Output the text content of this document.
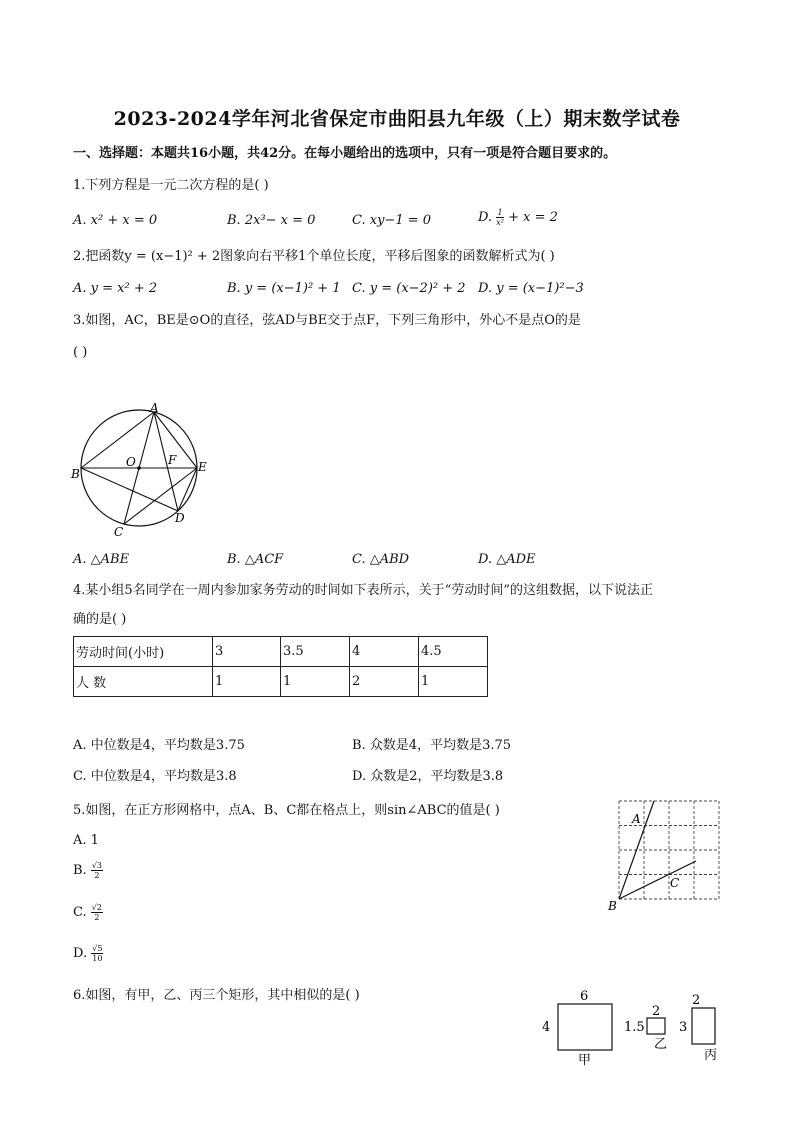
2023-2024学年河北省保定市曲阳县九年级（上）期末数学试卷
一、选择题：本题共16小题，共42分。在每小题给出的选项中，只有一项是符合题目要求的。
1.下列方程是一元二次方程的是( )
A. x² + x = 0	B. 2x³− x = 0	C. xy−1 = 0	D. $\frac{1}{\text{x²}} + x = 2$
2.把函数y = (x−1)² + 2图象向右平移1个单位长度，平移后图象的函数解析式为( )
A. y = x² + 2	B. y = (x−1)² + 1 C. y = (x−2)² + 2 D. y = (x−1)²−3
3.如图，AC，BE是⊙O的直径，弦AD与BE交于点F，下列三角形中，外心不是点O的是
( )
A
B
C
D
E
F
O
A. △ABE	B. △ACF	C. △ABD	D. △ADE
4.某小组5名同学在一周内参加家务劳动的时间如下表所示，关于“劳动时间”的这组数据，以下说法正
确的是( )
劳动时间(小时)	3	3.5	4	4.5
人 数	1	1	2	1
A. 中位数是4，平均数是3.75	B. 众数是4，平均数是3.75
C. 中位数是4，平均数是3.8	D. 众数是2，平均数是3.8
5.如图，在正方形网格中，点A、B、C都在格点上，则sin∠ABC的值是( )
A. 1
B. $\frac{√3}{2}$
C. $\frac{√2}{2}$
D. $\frac{√5}{10}$
A
B
C
6.如图，有甲，乙、丙三个矩形，其中相似的是( )	6
4
甲
2
1.5
乙
2
3
丙
